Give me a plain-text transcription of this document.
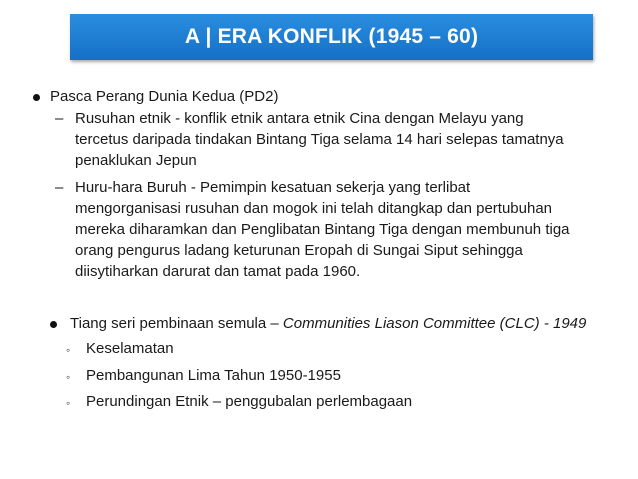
A | ERA KONFLIK (1945 – 60)
Pasca Perang Dunia Kedua (PD2)
– Rusuhan etnik - konflik etnik antara etnik Cina dengan Melayu yang
tercetus daripada tindakan Bintang Tiga selama 14 hari selepas tamatnya
penaklukan Jepun
– Huru-hara Buruh - Pemimpin kesatuan sekerja yang terlibat
mengorganisasi rusuhan dan mogok ini telah ditangkap dan pertubuhan
mereka diharamkan dan Penglibatan Bintang Tiga dengan membunuh tiga
orang pengurus ladang keturunan Eropah di Sungai Siput sehingga
diisytiharkan darurat dan tamat pada 1960.
Tiang seri pembinaan semula – Communities Liason Committee (CLC) - 1949
◦ Keselamatan
◦ Pembangunan Lima Tahun 1950-1955
◦ Perundingan Etnik – penggubalan perlembagaan
